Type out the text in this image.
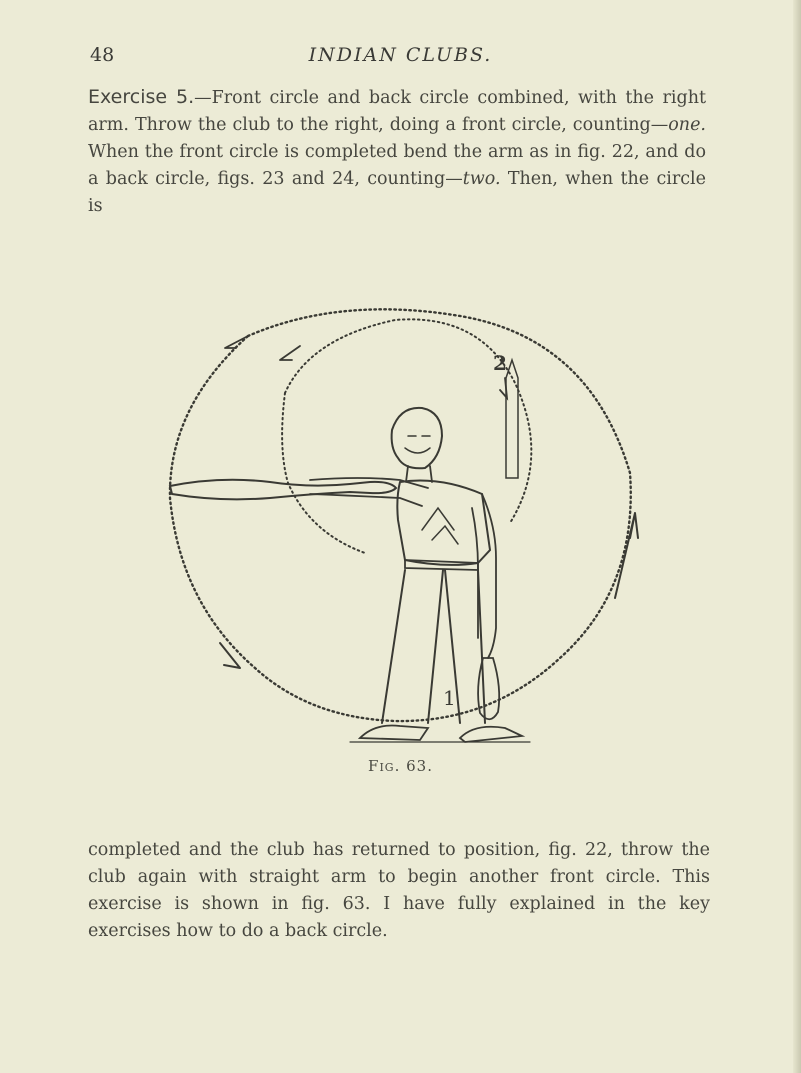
48	INDIAN CLUBS.
Exercise 5.—Front circle and back circle combined, with the right arm. Throw the club to the right, doing a front circle, counting—one. When the front circle is completed bend the arm as in fig. 22, and do a back circle, figs. 23 and 24, counting—two. Then, when the circle is
2
1
Fig. 63.
completed and the club has returned to position, fig. 22, throw the club again with straight arm to begin another front circle. This exercise is shown in fig. 63. I have fully explained in the key exercises how to do a back circle.
